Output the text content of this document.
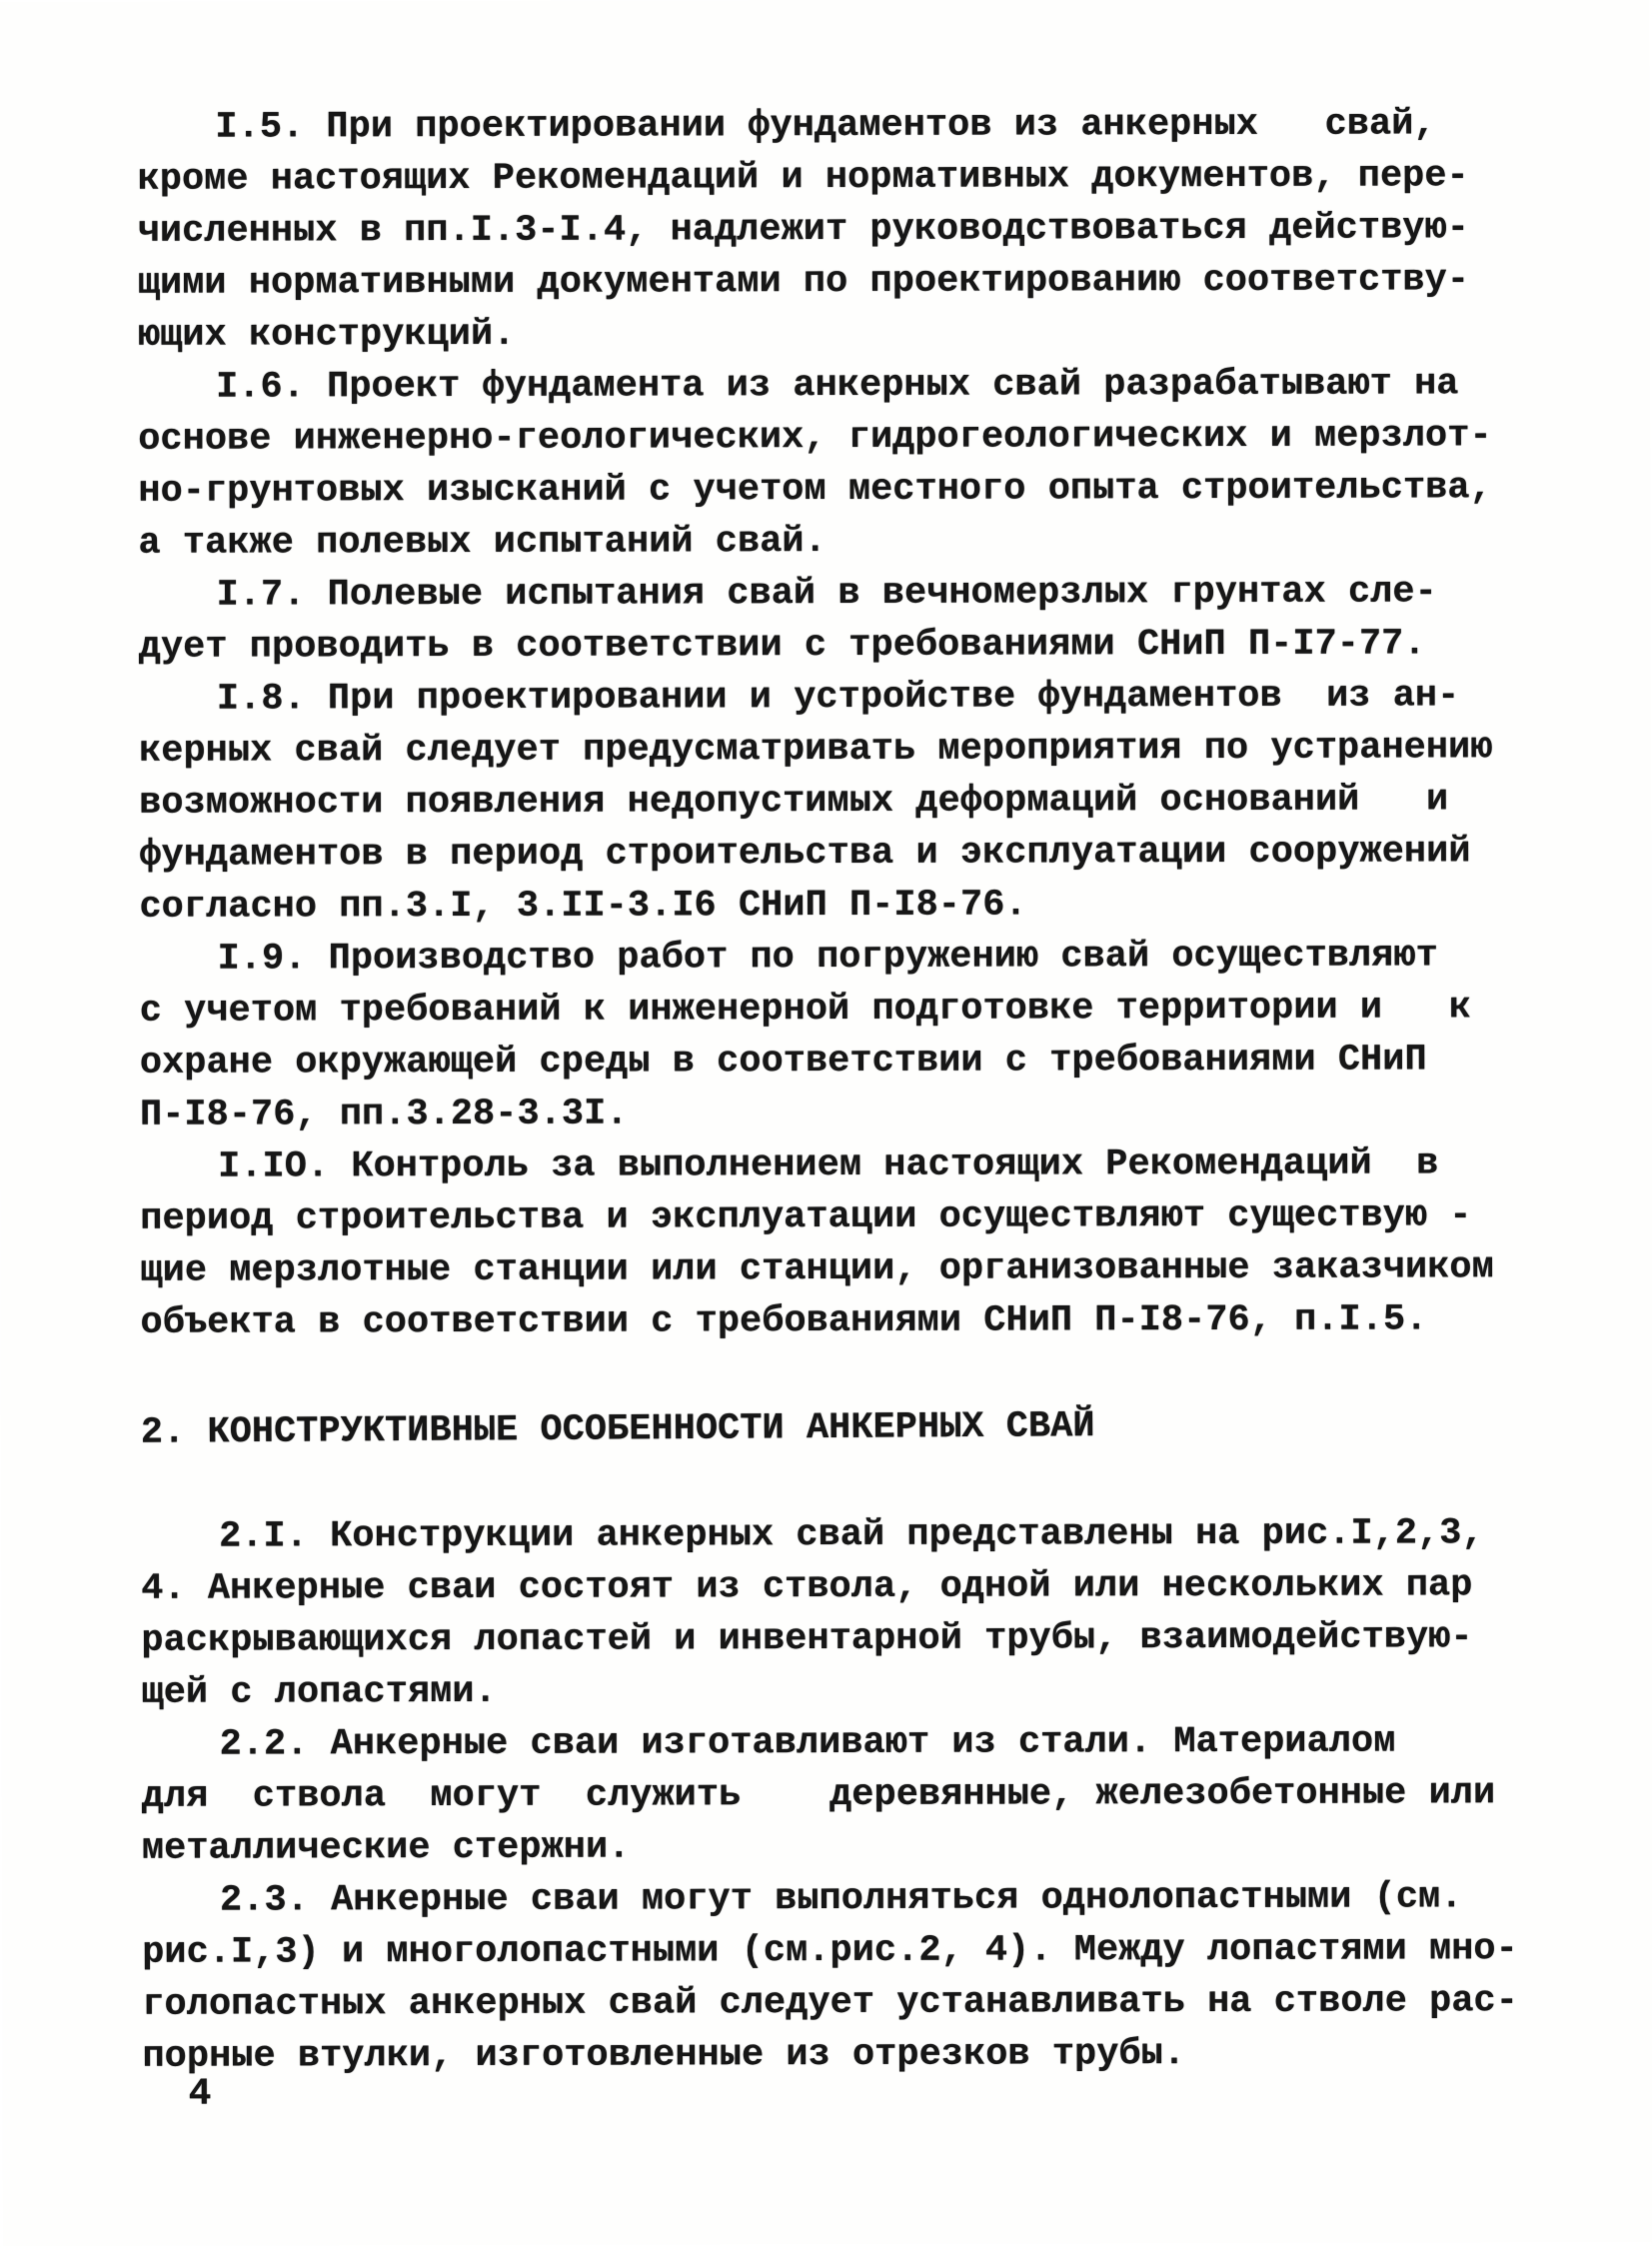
I.5. При проектировании фундаментов из анкерных   свай,
кроме настоящих Рекомендаций и нормативных документов, пере-
численных в пп.I.3-I.4, надлежит руководствоваться действую-
щими нормативными документами по проектированию соответству-
ющих конструкций.
I.6. Проект фундамента из анкерных свай разрабатывают на
основе инженерно-геологических, гидрогеологических и мерзлот-
но-грунтовых изысканий с учетом местного опыта строительства,
а также полевых испытаний свай.
I.7. Полевые испытания свай в вечномерзлых грунтах сле-
дует проводить в соответствии с требованиями СНиП П-I7-77.
I.8. При проектировании и устройстве фундаментов  из ан-
керных свай следует предусматривать мероприятия по устранению
возможности появления недопустимых деформаций оснований   и
фундаментов в период строительства и эксплуатации сооружений
согласно пп.3.I, 3.II-3.I6 СНиП П-I8-76.
I.9. Производство работ по погружению свай осуществляют
с учетом требований к инженерной подготовке территории и   к
охране окружающей среды в соответствии с требованиями СНиП
П-I8-76, пп.3.28-3.3I.
I.IO. Контроль за выполнением настоящих Рекомендаций  в
период строительства и эксплуатации осуществляют существую -
щие мерзлотные станции или станции, организованные заказчиком
объекта в соответствии с требованиями СНиП П-I8-76, п.I.5.
2. КОНСТРУКТИВНЫЕ ОСОБЕННОСТИ АНКЕРНЫХ СВАЙ
2.I. Конструкции анкерных свай представлены на рис.I,2,3,
4. Анкерные сваи состоят из ствола, одной или нескольких пар
раскрывающихся лопастей и инвентарной трубы, взаимодействую-
щей с лопастями.
2.2. Анкерные сваи изготавливают из стали. Материалом
для  ствола  могут  служить    деревянные, железобетонные или
металлические стержни.
2.3. Анкерные сваи могут выполняться однолопастными (см.
рис.I,3) и многолопастными (см.рис.2, 4). Между лопастями мно-
голопастных анкерных свай следует устанавливать на стволе рас-
порные втулки, изготовленные из отрезков трубы.
4
